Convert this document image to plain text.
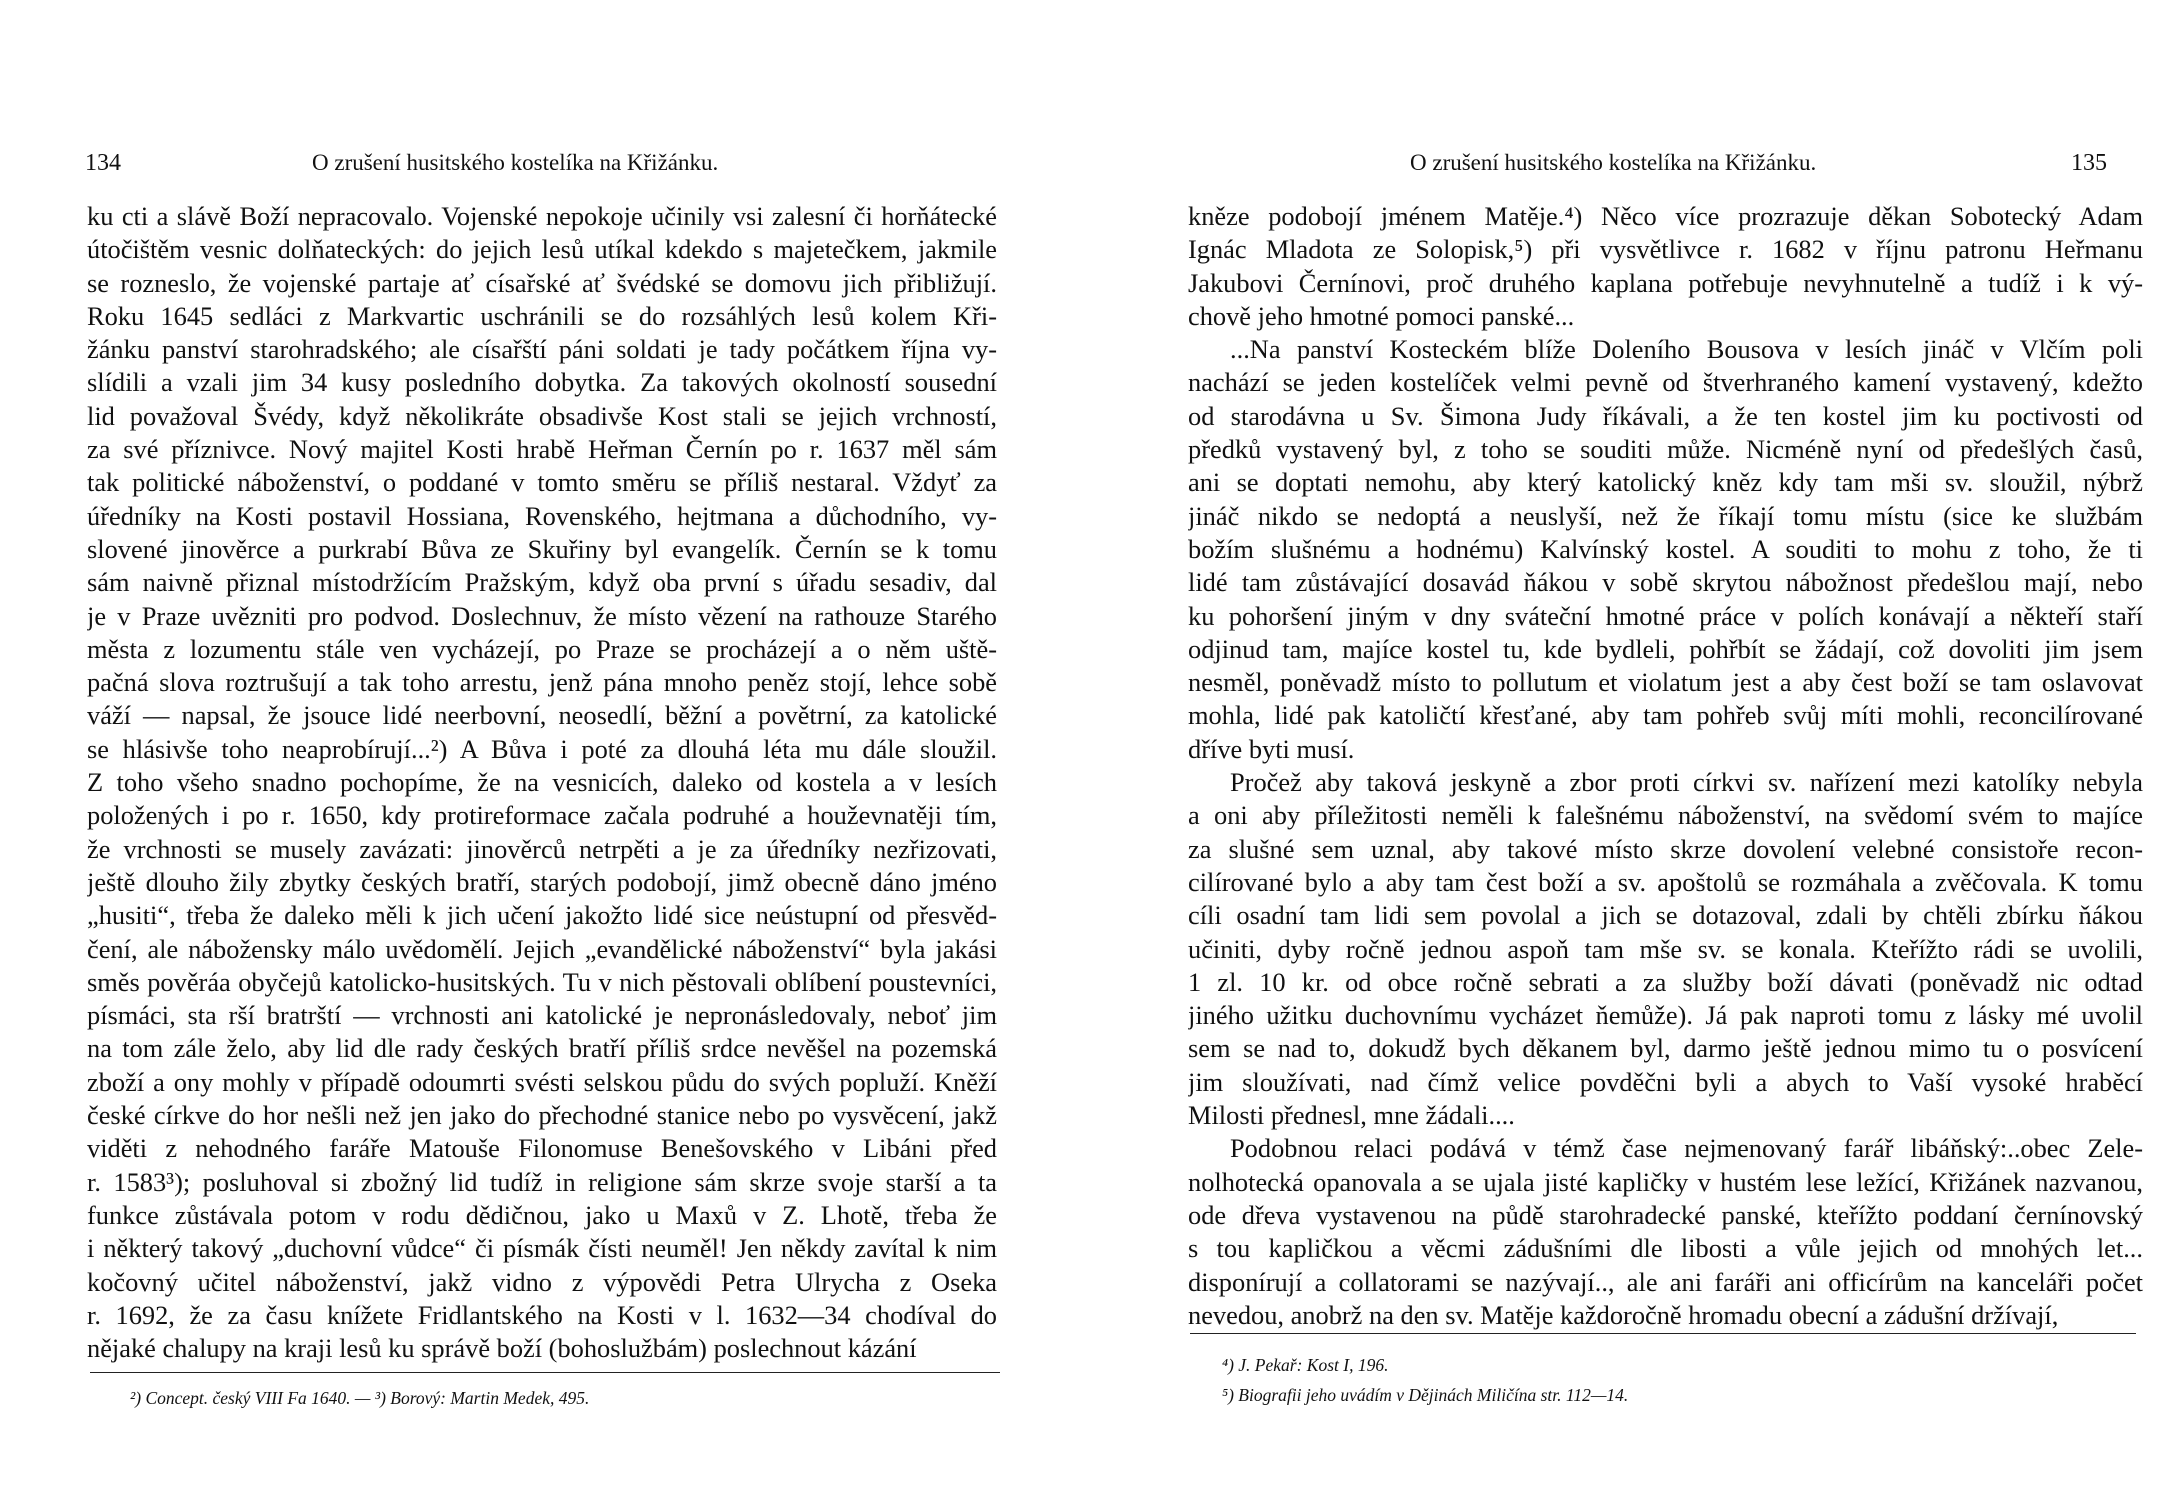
134	O zrušení husitského kostelíka na Křižánku.
ku cti a slávě Boží nepracovalo. Vojenské nepokoje učinily vsi zalesní či horňátecké
útočištěm vesnic dolňateckých: do jejich lesů utíkal kdekdo s majetečkem, jakmile
se rozneslo, že vojenské partaje ať císařské ať švédské se domovu jich přibližují.
Roku 1645 sedláci z Markvartic uschránili se do rozsáhlých lesů kolem Kři-
žánku panství starohradského; ale císařští páni soldati je tady počátkem října vy-
slídili a vzali jim 34 kusy posledního dobytka. Za takových okolností sousední
lid považoval Švédy, když několikráte obsadivše Kost stali se jejich vrchností,
za své příznivce. Nový majitel Kosti hrabě Heřman Černín po r. 1637 měl sám
tak politické náboženství, o poddané v tomto směru se příliš nestaral. Vždyť za
úředníky na Kosti postavil Hossiana, Rovenského, hejtmana a důchodního, vy-
slovené jinověrce a purkrabí Bůva ze Skuřiny byl evangelík. Černín se k tomu
sám naivně přiznal místodržícím Pražským, když oba první s úřadu sesadiv, dal
je v Praze uvězniti pro podvod. Doslechnuv, že místo vězení na rathouze Starého
města z lozumentu stále ven vycházejí, po Praze se procházejí a o něm uště-
pačná slova roztrušují a tak toho arrestu, jenž pána mnoho peněz stojí, lehce sobě
váží — napsal, že jsouce lidé neerbovní, neosedlí, běžní a povětrní, za katolické
se hlásivše toho neaprobírují...²) A Bůva i poté za dlouhá léta mu dále sloužil.
Z toho všeho snadno pochopíme, že na vesnicích, daleko od kostela a v lesích
položených i po r. 1650, kdy protireformace začala podruhé a houževnatěji tím,
že vrchnosti se musely zavázati: jinověrců netrpěti a je za úředníky nezřizovati,
ještě dlouho žily zbytky českých bratří, starých podobojí, jimž obecně dáno jméno
„husiti“, třeba že daleko měli k jich učení jakožto lidé sice neústupní od přesvěd-
čení, ale nábožensky málo uvědomělí. Jejich „evandělické náboženství“ byla jakási
směs pověráa obyčejů katolicko-husitských. Tu v nich pěstovali oblíbení poustevníci,
písmáci, sta rší bratrští — vrchnosti ani katolické je nepronásledovaly, neboť jim
na tom zále želo, aby lid dle rady českých bratří příliš srdce nevěšel na pozemská
zboží a ony mohly v případě odoumrti svésti selskou půdu do svých popluží. Kněží
české církve do hor nešli než jen jako do přechodné stanice nebo po vysvěcení, jakž
viděti z nehodného faráře Matouše Filonomuse Benešovského v Libáni před
r. 1583³); posluhoval si zbožný lid tudíž in religione sám skrze svoje starší a ta
funkce zůstávala potom v rodu dědičnou, jako u Maxů v Z. Lhotě, třeba že
i některý takový „duchovní vůdce“ či písmák čísti neuměl! Jen někdy zavítal k nim
kočovný učitel náboženství, jakž vidno z výpovědi Petra Ulrycha z Oseka
r. 1692, že za času knížete Fridlantského na Kosti v l. 1632—34 chodíval do
nějaké chalupy na kraji lesů ku správě boží (bohoslužbám) poslechnout kázání
²) Concept. český VIII Fa 1640. — ³) Borový: Martin Medek, 495.
O zrušení husitského kostelíka na Křižánku.	135
kněze podobojí jménem Matěje.⁴) Něco více prozrazuje děkan Sobotecký Adam
Ignác Mladota ze Solopisk,⁵) při vysvětlivce r. 1682 v říjnu patronu Heřmanu
Jakubovi Černínovi, proč druhého kaplana potřebuje nevyhnutelně a tudíž i k vý-
chově jeho hmotné pomoci panské...
...Na panství Kosteckém blíže Doleního Bousova v lesích jináč v Vlčím poli
nachází se jeden kostelíček velmi pevně od štverhraného kamení vystavený, kdežto
od starodávna u Sv. Šimona Judy říkávali, a že ten kostel jim ku poctivosti od
předků vystavený byl, z toho se souditi může. Nicméně nyní od předešlých časů,
ani se doptati nemohu, aby který katolický kněz kdy tam mši sv. sloužil, nýbrž
jináč nikdo se nedoptá a neuslyší, než že říkají tomu místu (sice ke službám
božím slušnému a hodnému) Kalvínský kostel. A souditi to mohu z toho, že ti
lidé tam zůstávající dosavád ňákou v sobě skrytou nábožnost předešlou mají, nebo
ku pohoršení jiným v dny sváteční hmotné práce v polích konávají a někteří staří
odjinud tam, majíce kostel tu, kde bydleli, pohřbít se žádají, což dovoliti jim jsem
nesměl, poněvadž místo to pollutum et violatum jest a aby čest boží se tam oslavovat
mohla, lidé pak katoličtí křesťané, aby tam pohřeb svůj míti mohli, reconcilírované
dříve byti musí.
Pročež aby taková jeskyně a zbor proti církvi sv. nařízení mezi katolíky nebyla
a oni aby příležitosti neměli k falešnému náboženství, na svědomí svém to majíce
za slušné sem uznal, aby takové místo skrze dovolení velebné consistoře recon-
cilírované bylo a aby tam čest boží a sv. apoštolů se rozmáhala a zvěčovala. K tomu
cíli osadní tam lidi sem povolal a jich se dotazoval, zdali by chtěli zbírku ňákou
učiniti, dyby ročně jednou aspoň tam mše sv. se konala. Kteřížto rádi se uvolili,
1 zl. 10 kr. od obce ročně sebrati a za služby boží dávati (poněvadž nic odtad
jiného užitku duchovnímu vycházet ňemůže). Já pak naproti tomu z lásky mé uvolil
sem se nad to, dokudž bych děkanem byl, darmo ještě jednou mimo tu o posvícení
jim sloužívati, nad čímž velice povděčni byli a abych to Vaší vysoké hraběcí
Milosti přednesl, mne žádali....
Podobnou relaci podává v témž čase nejmenovaný farář libáňský:..obec Zele-
nolhotecká opanovala a se ujala jisté kapličky v hustém lese ležící, Křižánek nazvanou,
ode dřeva vystavenou na půdě starohradecké panské, kteřížto poddaní černínovský
s tou kapličkou a věcmi zádušními dle libosti a vůle jejich od mnohých let...
disponírují a collatorami se nazývají.., ale ani faráři ani officírům na kanceláři počet
nevedou, anobrž na den sv. Matěje každoročně hromadu obecní a zádušní držívají,
⁴) J. Pekař: Kost I, 196.
⁵) Biografii jeho uvádím v Dějinách Miličína str. 112—14.
